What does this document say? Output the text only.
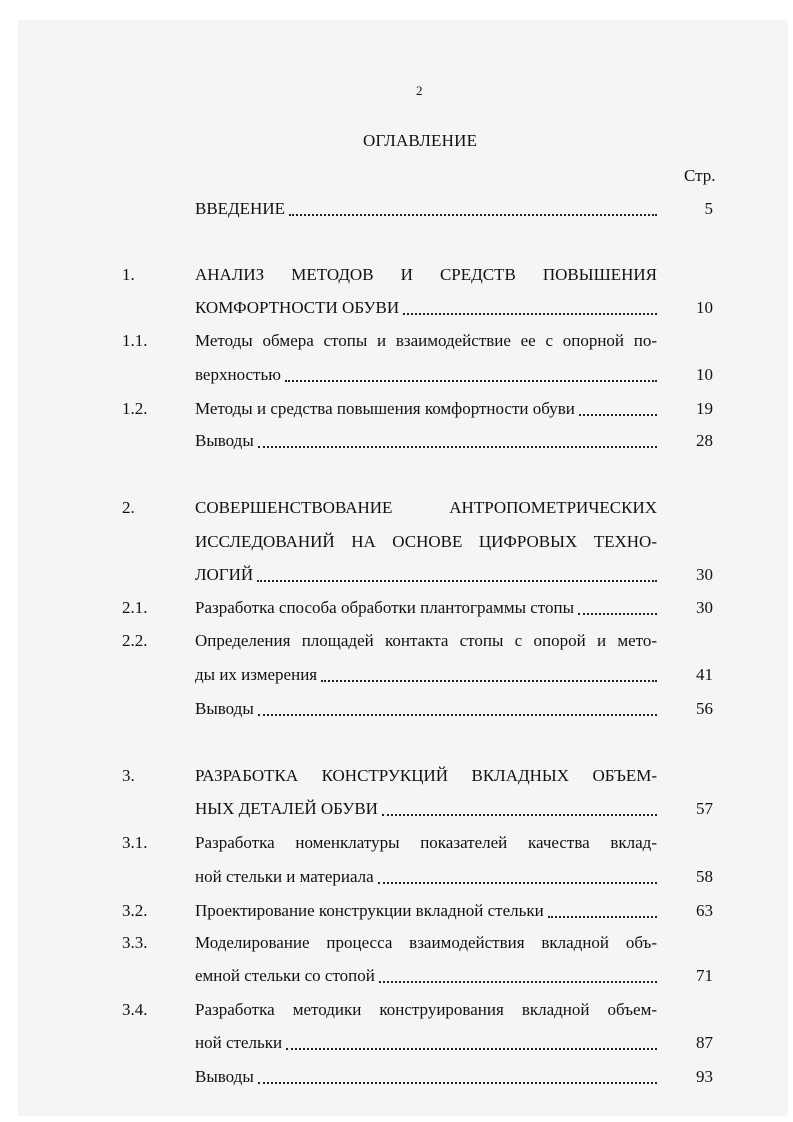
2
ОГЛАВЛЕНИЕ
Стр.
ВВЕДЕНИЕ	5
1.	АНАЛИЗ МЕТОДОВ И СРЕДСТВ ПОВЫШЕНИЯ
КОМФОРТНОСТИ ОБУВИ	10
1.1.	Методы обмера стопы и взаимодействие ее с опорной по-
верхностью	10
1.2.	Методы и средства повышения комфортности обуви	19
Выводы	28
2.	СОВЕРШЕНСТВОВАНИЕ АНТРОПОМЕТРИЧЕСКИХ
ИССЛЕДОВАНИЙ НА ОСНОВЕ ЦИФРОВЫХ ТЕХНО-
ЛОГИЙ	30
2.1.	Разработка способа обработки плантограммы стопы	30
2.2.	Определения площадей контакта стопы с опорой и мето-
ды их измерения	41
Выводы	56
3.	РАЗРАБОТКА КОНСТРУКЦИЙ ВКЛАДНЫХ ОБЪЕМ-
НЫХ ДЕТАЛЕЙ ОБУВИ	57
3.1.	Разработка номенклатуры показателей качества вклад-
ной стельки и материала	58
3.2.	Проектирование конструкции вкладной стельки	63
3.3.	Моделирование процесса взаимодействия вкладной объ-
емной стельки со стопой	71
3.4.	Разработка методики конструирования вкладной объем-
ной стельки	87
Выводы	93
